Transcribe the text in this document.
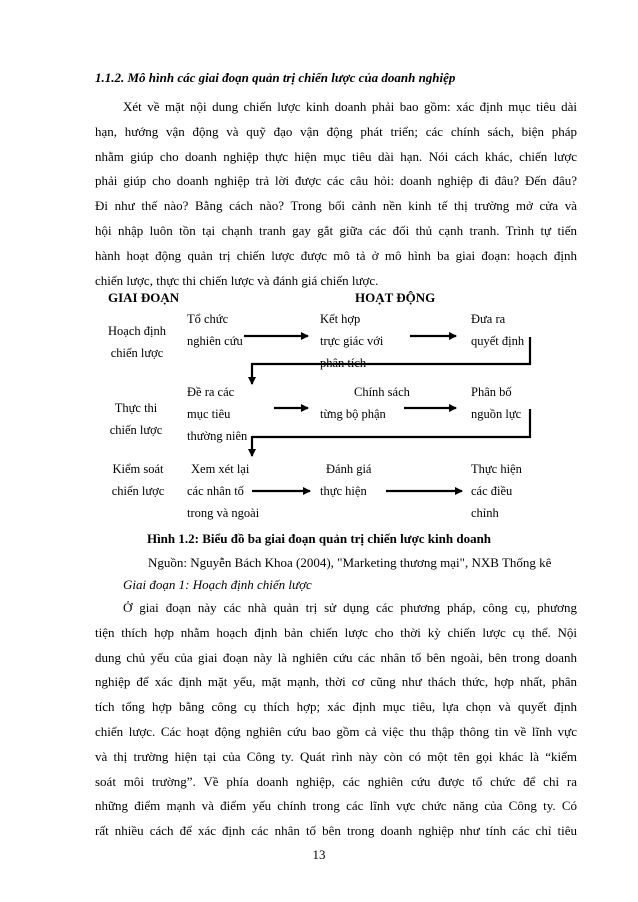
1.1.2. Mô hình các giai đoạn quản trị chiến lược của doanh nghiệp
Xét về mặt nội dung chiến lược kinh doanh phải bao gồm: xác định mục tiêu dài
hạn, hướng vận động và quỹ đạo vận động phát triển; các chính sách, biện pháp
nhằm giúp cho doanh nghiệp thực hiện mục tiêu dài hạn. Nói cách khác, chiến lược
phải giúp cho doanh nghiệp trả lời được các câu hỏi: doanh nghiệp đi đâu? Đến đâu?
Đi như thế nào? Bằng cách nào? Trong bối cảnh nền kinh tế thị trường mở cửa và
hội nhập luôn tồn tại chạnh tranh gay gắt giữa các đối thủ cạnh tranh. Trình tự tiến
hành hoạt động quản trị chiến lược được mô tả ở mô hình ba giai đoạn: hoạch định
chiến lược, thực thi chiến lược và đánh giá chiến lược.
GIAI ĐOẠN	HOẠT ĐỘNG
Hoạch định
chiến lược
Tổ chức
nghiên cứu
Kết hợp
trực giác với
phân tích
Đưa ra
quyết định
Thực thi
chiến lược
Đề ra các
mục tiêu
thường niên
Chính sách
từng bộ phận
Phân bố
nguồn lực
Kiểm soát
chiến lược
Xem xét lại
các nhân tố
trong và ngoài
Đánh giá
thực hiện
Thực hiện
các điều
chỉnh
Hình 1.2: Biểu đồ ba giai đoạn quản trị chiến lược kinh doanh
Nguồn: Nguyễn Bách Khoa (2004), "Marketing thương mại", NXB Thống kê
Giai đoạn 1: Hoạch định chiến lược
Ở giai đoạn này các nhà quản trị sử dụng các phương pháp, công cụ, phương
tiện thích hợp nhằm hoạch định bản chiến lược cho thời kỳ chiến lược cụ thể. Nội
dung chủ yếu của giai đoạn này là nghiên cứu các nhân tố bên ngoài, bên trong doanh
nghiệp để xác định mặt yếu, mặt mạnh, thời cơ cũng như thách thức, hợp nhất, phân
tích tổng hợp bằng công cụ thích hợp; xác định mục tiêu, lựa chọn và quyết định
chiến lược. Các hoạt động nghiên cứu bao gồm cả việc thu thập thông tin về lĩnh vực
và thị trường hiện tại của Công ty. Quát rình này còn có một tên gọi khác là “kiểm
soát môi trường”. Về phía doanh nghiệp, các nghiên cứu được tổ chức để chỉ ra
những điểm mạnh và điểm yếu chính trong các lĩnh vực chức năng của Công ty. Có
rất nhiều cách để xác định các nhân tố bên trong doanh nghiệp như tính các chỉ tiêu
13
